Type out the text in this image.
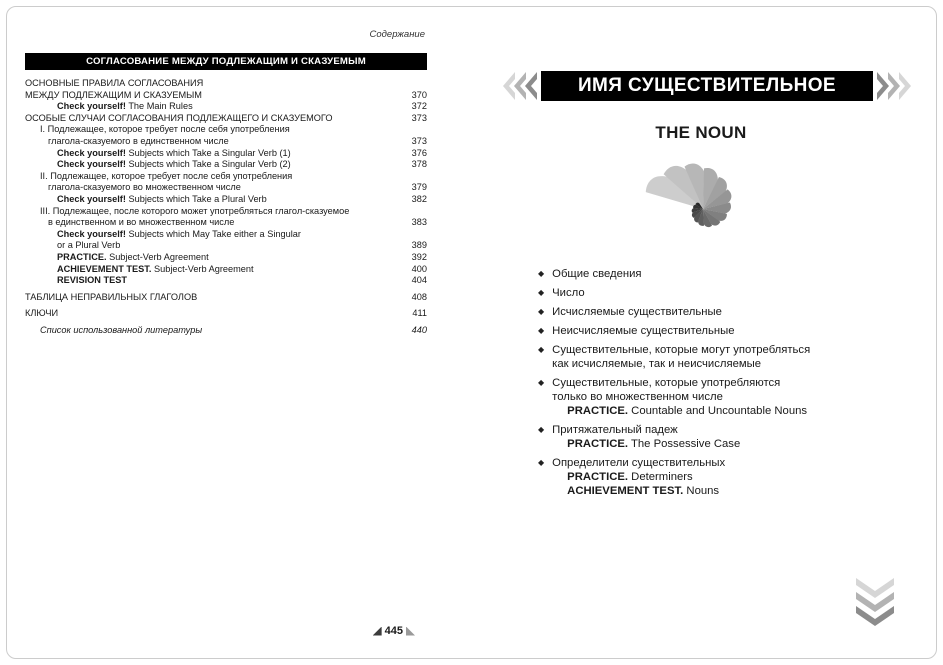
Содержание
СОГЛАСОВАНИЕ МЕЖДУ ПОДЛЕЖАЩИМ И СКАЗУЕМЫМ
ОСНОВНЫЕ ПРАВИЛА СОГЛАСОВАНИЯ
МЕЖДУ ПОДЛЕЖАЩИМ И СКАЗУЕМЫМ	370
Check yourself! The Main Rules	372
ОСОБЫЕ СЛУЧАИ СОГЛАСОВАНИЯ ПОДЛЕЖАЩЕГО И СКАЗУЕМОГО	373
I. Подлежащее, которое требует после себя употребления
глагола-сказуемого в единственном числе	373
Check yourself! Subjects which Take a Singular Verb (1)	376
Check yourself! Subjects which Take a Singular Verb (2)	378
II. Подлежащее, которое требует после себя употребления
глагола-сказуемого во множественном числе	379
Check yourself! Subjects which Take a Plural Verb	382
III. Подлежащее, после которого может употребляться глагол-сказуемое
в единственном и во множественном числе	383
Check yourself! Subjects which May Take either a Singular
or a Plural Verb	389
PRACTICE. Subject-Verb Agreement	392
ACHIEVEMENT TEST. Subject-Verb Agreement	400
REVISION TEST	404
ТАБЛИЦА НЕПРАВИЛЬНЫХ ГЛАГОЛОВ	408
КЛЮЧИ	411
Список использованной литературы	440
445
ИМЯ СУЩЕСТВИТЕЛЬНОЕ
THE NOUN
◆ Общие сведения
◆ Число
◆ Исчисляемые существительные
◆ Неисчисляемые существительные
◆ Существительные, которые могут употребляться
как исчисляемые, так и неисчисляемые
◆ Существительные, которые употребляются
только во множественном числе
PRACTICE. Countable and Uncountable Nouns
◆ Притяжательный падеж
PRACTICE. The Possessive Case
◆ Определители существительных
PRACTICE. Determiners
ACHIEVEMENT TEST. Nouns
